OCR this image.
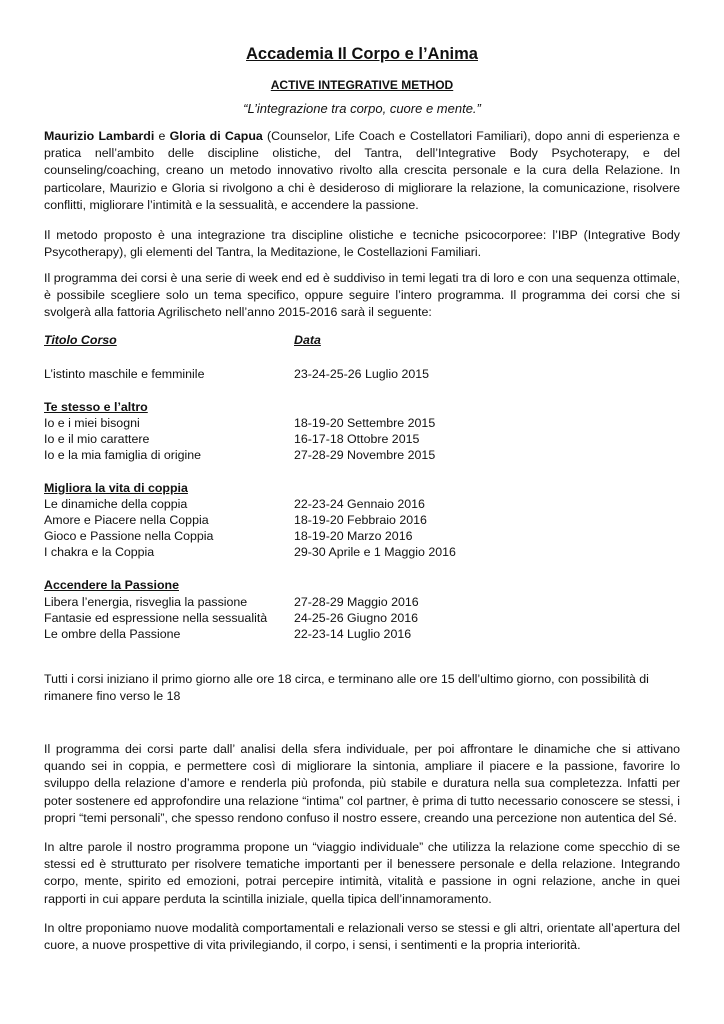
Accademia Il Corpo e l’Anima
ACTIVE INTEGRATIVE METHOD
“L’integrazione tra corpo, cuore e mente.”

Maurizio Lambardi e Gloria di Capua (Counselor, Life Coach e Costellatori Familiari), dopo anni di esperienza e pratica nell’ambito delle discipline olistiche, del Tantra, dell’Integrative Body Psychoterapy, e del counseling/coaching, creano un metodo innovativo rivolto alla crescita personale e la cura della Relazione. In particolare, Maurizio e Gloria si rivolgono a chi è desideroso di migliorare la relazione, la comunicazione, risolvere conflitti, migliorare l’intimità e la sessualità, e accendere la passione.

Il metodo proposto è una integrazione tra discipline olistiche e tecniche psicocorporee: l’IBP (Integrative Body Psycotherapy), gli elementi del Tantra, la Meditazione, le Costellazioni Familiari.

Il programma dei corsi è una serie di week end ed è suddiviso in temi legati tra di loro e con una sequenza ottimale, è possibile scegliere solo un tema specifico, oppure seguire l’intero programma. Il programma dei corsi che si svolgerà alla fattoria Agrilischeto nell’anno 2015-2016 sarà il seguente:

Titolo Corso	Data
L’istinto maschile e femminile	23-24-25-26 Luglio 2015
Te stesso e l’altro
Io e i miei bisogni	18-19-20 Settembre 2015
Io e il mio carattere	16-17-18 Ottobre 2015
Io e la mia famiglia di origine	27-28-29 Novembre 2015
Migliora la vita di coppia
Le dinamiche della coppia	22-23-24 Gennaio 2016
Amore e Piacere nella Coppia	18-19-20 Febbraio 2016
Gioco e Passione nella Coppia	18-19-20 Marzo 2016
I chakra e la Coppia	29-30 Aprile e 1 Maggio 2016
Accendere la Passione
Libera l’energia, risveglia la passione	27-28-29 Maggio 2016
Fantasie ed espressione nella sessualità 24-25-26 Giugno 2016
Le ombre della Passione	22-23-14 Luglio 2016

Tutti i corsi iniziano il primo giorno alle ore 18 circa, e terminano alle ore 15 dell’ultimo giorno, con possibilità di rimanere fino verso le 18

Il programma dei corsi parte dall’ analisi della sfera individuale, per poi affrontare le dinamiche che si attivano quando sei in coppia, e permettere così di migliorare la sintonia, ampliare il piacere e la passione, favorire lo sviluppo della relazione d’amore e renderla più profonda, più stabile e duratura nella sua completezza. Infatti per poter sostenere ed approfondire una relazione “intima” col partner, è prima di tutto necessario conoscere se stessi, i propri “temi personali”, che spesso rendono confuso il nostro essere, creando una percezione non autentica del Sé.

In altre parole il nostro programma propone un “viaggio individuale” che utilizza la relazione come specchio di se stessi ed è strutturato per risolvere tematiche importanti per il benessere personale e della relazione. Integrando corpo, mente, spirito ed emozioni, potrai percepire intimità, vitalità e passione in ogni relazione, anche in quei rapporti in cui appare perduta la scintilla iniziale, quella tipica dell’innamoramento.

In oltre proponiamo nuove modalità comportamentali e relazionali verso se stessi e gli altri, orientate all’apertura del cuore, a nuove prospettive di vita privilegiando, il corpo, i sensi, i sentimenti e la propria interiorità.
